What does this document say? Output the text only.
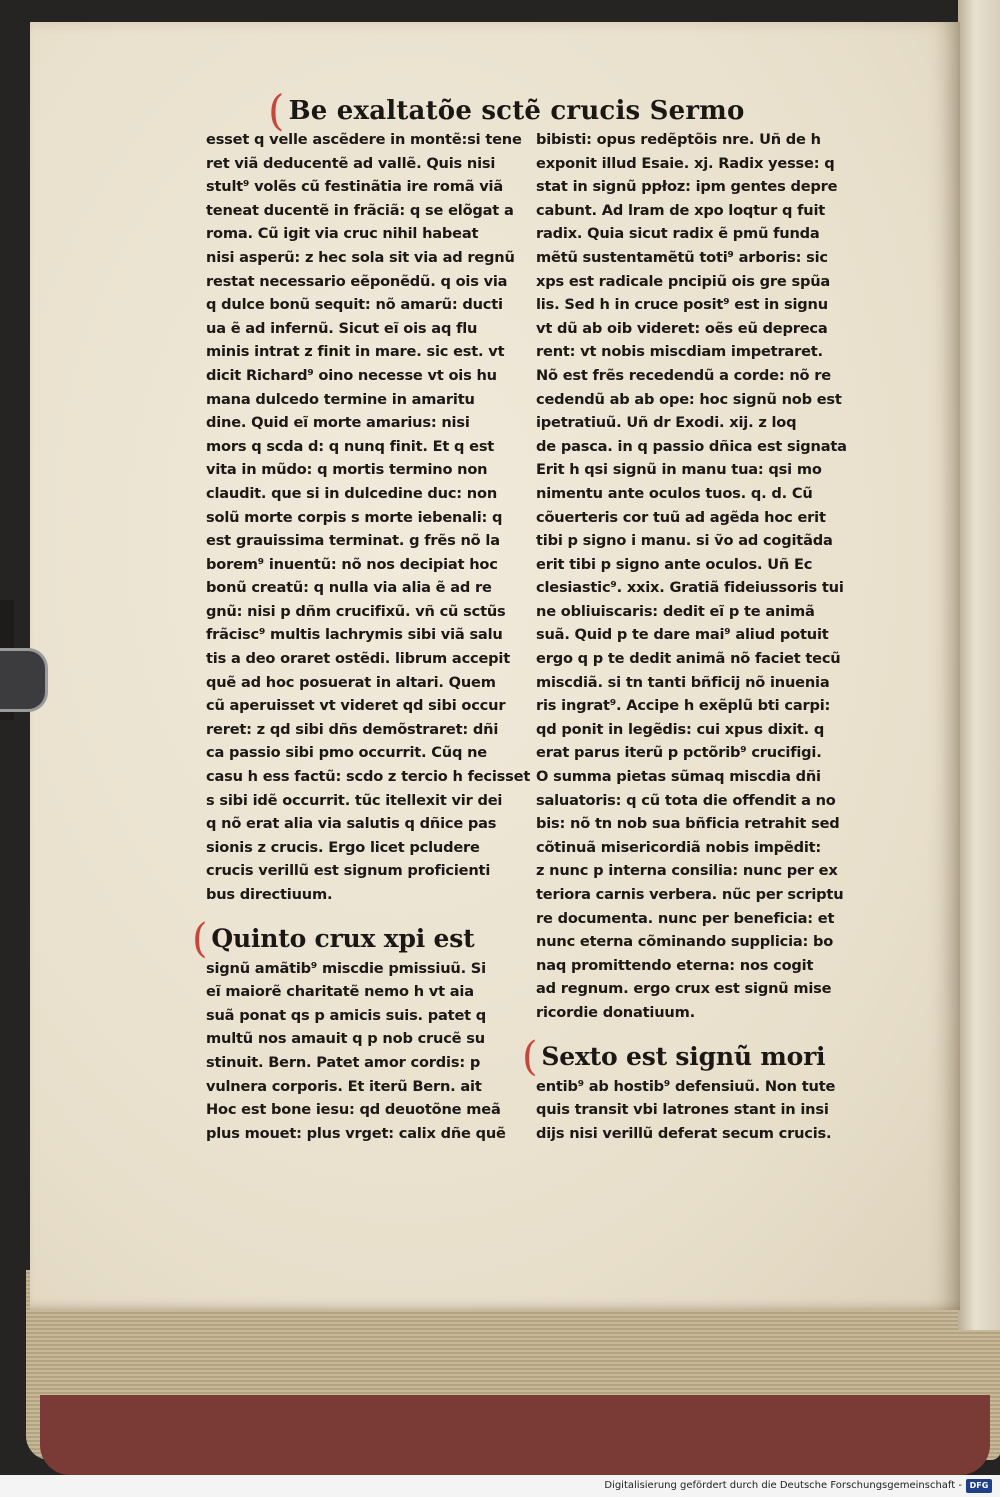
( Be exaltatõe sctẽ crucis Sermo
esset q velle ascẽdere in montẽ:si tene
ret viã deducentẽ ad vallẽ. Quis nisi
stult⁹ volẽs cũ festinãtia ire romã viã
teneat ducentẽ in frãciã: q se elõgat a
roma. Cũ igit via cruc nihil habeat
nisi asperũ: z hec sola sit via ad regnũ
restat necessario eẽponẽdũ. q ois via
q dulce bonũ sequit: nõ amarũ: ducti
ua ẽ ad infernũ. Sicut eĩ ois aq flu
minis intrat z finit in mare. sic est. vt
dicit Richard⁹ oino necesse vt ois hu
mana dulcedo termine in amaritu
dine. Quid eĩ morte amarius: nisi
mors q scda d: q nunq finit. Et q est
vita in mũdo: q mortis termino non
claudit. que si in dulcedine duc: non
solũ morte corpis s morte iebenali: q
est grauissima terminat. g frẽs nõ la
borem⁹ inuentũ: nõ nos decipiat hoc
bonũ creatũ: q nulla via alia ẽ ad re
gnũ: nisi p dñm crucifixũ. vñ cũ sctũs
frãcisc⁹ multis lachrymis sibi viã salu
tis a deo oraret ostẽdi. librum accepit
quẽ ad hoc posuerat in altari. Quem
cũ aperuisset vt videret qd sibi occur
reret: z qd sibi dñs demõstraret: dñi
ca passio sibi pmo occurrit. Cũq ne
casu h ess factũ: scdo z tercio h fecisset
s sibi idẽ occurrit. tũc itellexit vir dei
q nõ erat alia via salutis q dñice pas
sionis z crucis. Ergo licet pcludere
crucis verillũ est signum proficienti
bus directiuum.
( Quinto crux xpi est
signũ amãtib⁹ miscdie pmissiuũ. Si
eĩ maiorẽ charitatẽ nemo h vt aia
suã ponat qs p amicis suis. patet q
multũ nos amauit q p nob crucẽ su
stinuit. Bern. Patet amor cordis: p
vulnera corporis. Et iterũ Bern. ait
Hoc est bone iesu: qd deuotõne meã
plus mouet: plus vrget: calix dñe quẽ
bibisti: opus redẽptõis nre. Uñ de h
exponit illud Esaie. xj. Radix yesse: q
stat in signũ ppłoz: ipm gentes depre
cabunt. Ad lram de xpo loqtur q fuit
radix. Quia sicut radix ẽ pmũ funda
mẽtũ sustentamẽtũ toti⁹ arboris: sic
xps est radicale pncipiũ ois gre spũa
lis. Sed h in cruce posit⁹ est in signu
vt dũ ab oib videret: oẽs eũ depreca
rent: vt nobis miscdiam impetraret.
Nõ est frẽs recedendũ a corde: nõ re
cedendũ ab ab ope: hoc signũ nob est
ipetratiuũ. Uñ dr Exodi. xij. z loq
de pasca. in q passio dñica est signata
Erit h qsi signũ in manu tua: qsi mo
nimentu ante oculos tuos. q. d. Cũ
cõuerteris cor tuũ ad agẽda hoc erit
tibi p signo i manu. si ṽo ad cogitãda
erit tibi p signo ante oculos. Uñ Ec
clesiastic⁹. xxix. Gratiã fideiussoris tui
ne obliuiscaris: dedit eĩ p te animã
suã. Quid p te dare mai⁹ aliud potuit
ergo q p te dedit animã nõ faciet tecũ
miscdiã. si tn tanti bñficij nõ inuenia
ris ingrat⁹. Accipe h exẽplũ bti carpi:
qd ponit in legẽdis: cui xpus dixit. q
erat parus iterũ p pctõrib⁹ crucifigi.
O summa pietas sũmaq miscdia dñi
saluatoris: q cũ tota die offendit a no
bis: nõ tn nob sua bñficia retrahit sed
cõtinuã misericordiã nobis impẽdit:
z nunc p interna consilia: nunc per ex
teriora carnis verbera. nũc per scriptu
re documenta. nunc per beneficia: et
nunc eterna cõminando supplicia: bo
naq promittendo eterna: nos cogit
ad regnum. ergo crux est signũ mise
ricordie donatiuum.
( Sexto est signũ mori
entib⁹ ab hostib⁹ defensiuũ. Non tute
quis transit vbi latrones stant in insi
dijs nisi verillũ deferat secum crucis.
Digitalisierung gefördert durch die Deutsche Forschungsgemeinschaft - DFG
